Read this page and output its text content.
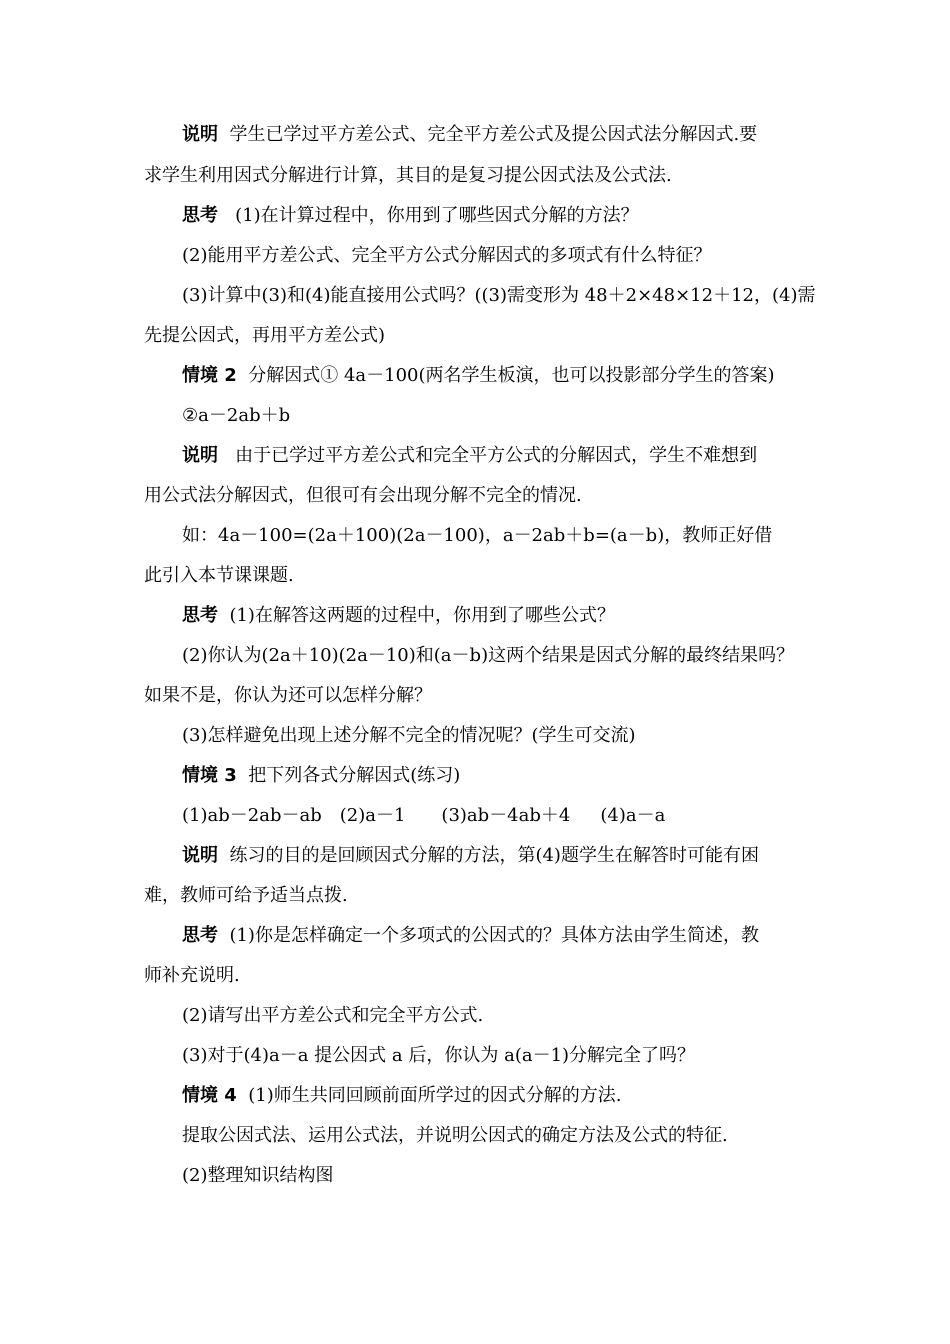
说明 学生已学过平方差公式、完全平方差公式及提公因式法分解因式.要
求学生利用因式分解进行计算，其目的是复习提公因式法及公式法.
思考 (1)在计算过程中，你用到了哪些因式分解的方法？
(2)能用平方差公式、完全平方公式分解因式的多项式有什么特征？
(3)计算中(3)和(4)能直接用公式吗？((3)需变形为 48＋2×48×12＋12，(4)需
先提公因式，再用平方差公式)
情境 2 分解因式① 4a－100(两名学生板演，也可以投影部分学生的答案)
②a－2ab＋b
说明 由于已学过平方差公式和完全平方公式的分解因式，学生不难想到
用公式法分解因式，但很可有会出现分解不完全的情况.
如：4a－100=(2a＋100)(2a－100)，a－2ab＋b=(a－b)，教师正好借
此引入本节课课题.
思考 (1)在解答这两题的过程中，你用到了哪些公式？
(2)你认为(2a＋10)(2a－10)和(a－b)这两个结果是因式分解的最终结果吗？
如果不是，你认为还可以怎样分解？
(3)怎样避免出现上述分解不完全的情况呢？(学生可交流)
情境 3 把下列各式分解因式(练习)
(1)ab－2ab－ab (2)a－1 (3)ab－4ab＋4 (4)a－a
说明 练习的目的是回顾因式分解的方法，第(4)题学生在解答时可能有困
难，教师可给予适当点拨.
思考 (1)你是怎样确定一个多项式的公因式的？具体方法由学生简述，教
师补充说明.
(2)请写出平方差公式和完全平方公式.
(3)对于(4)a－a 提公因式 a 后，你认为 a(a－1)分解完全了吗？
情境 4 (1)师生共同回顾前面所学过的因式分解的方法.
提取公因式法、运用公式法，并说明公因式的确定方法及公式的特征.
(2)整理知识结构图
